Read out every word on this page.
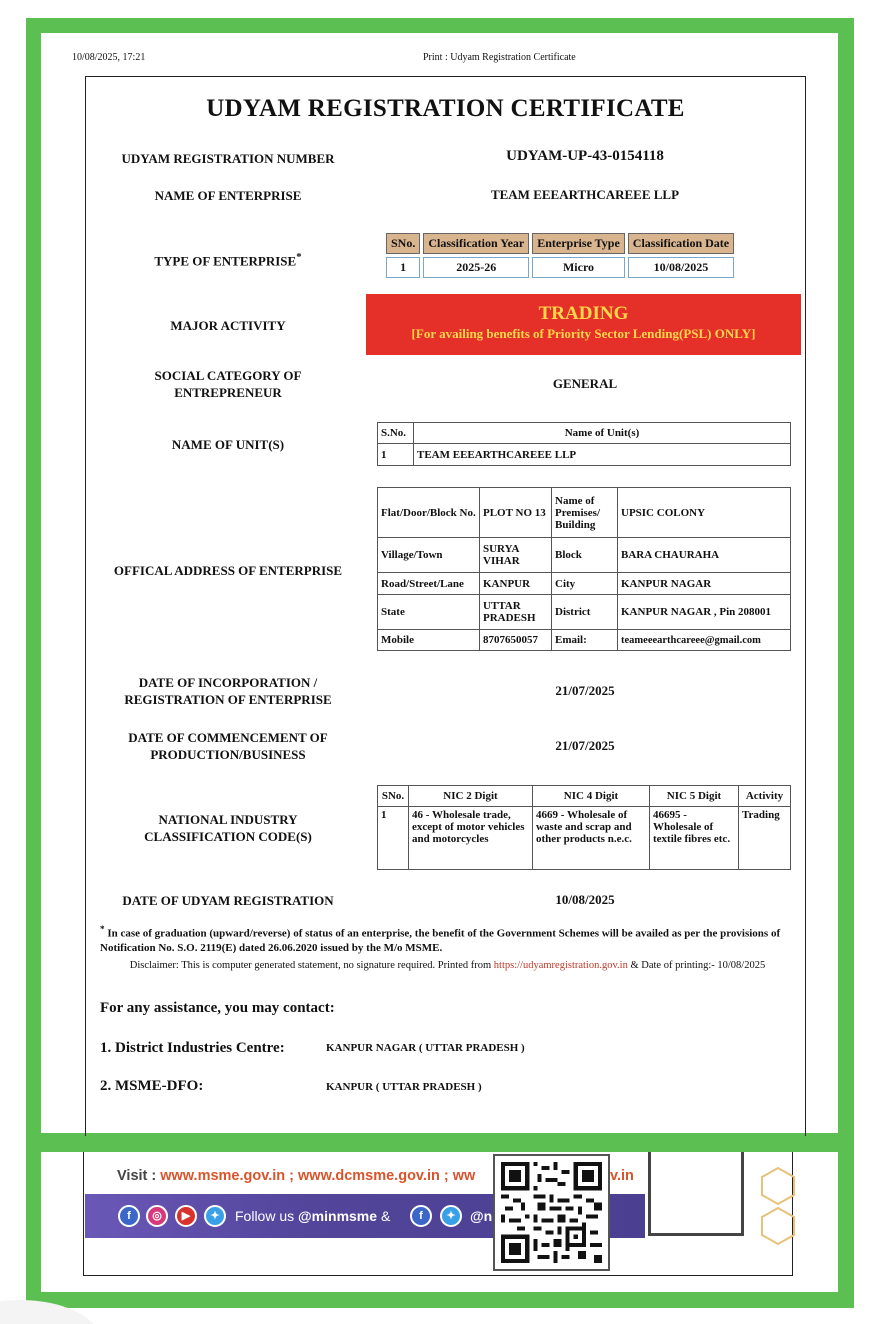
10/08/2025, 17:21	Print : Udyam Registration Certificate
UDYAM REGISTRATION CERTIFICATE
UDYAM REGISTRATION NUMBER	UDYAM-UP-43-0154118
NAME OF ENTERPRISE	TEAM EEEARTHCAREEE LLP
TYPE OF ENTERPRISE*
SNo.	Classification Year	Enterprise Type	Classification Date
1	2025-26	Micro	10/08/2025
MAJOR ACTIVITY
TRADING
[For availing benefits of Priority Sector Lending(PSL) ONLY]
SOCIAL CATEGORY OF ENTREPRENEUR
GENERAL
NAME OF UNIT(S)
S.No.	Name of Unit(s)
1	TEAM EEEARTHCAREEE LLP
OFFICAL ADDRESS OF ENTERPRISE
Flat/Door/Block No.	PLOT NO 13	Name of Premises/ Building	UPSIC COLONY
Village/Town	SURYA VIHAR	Block	BARA CHAURAHA
Road/Street/Lane	KANPUR	City	KANPUR NAGAR
State	UTTAR PRADESH	District	KANPUR NAGAR , Pin 208001
Mobile	8707650057	Email:	teameeearthcareee@gmail.com
DATE OF INCORPORATION / REGISTRATION OF ENTERPRISE
21/07/2025
DATE OF COMMENCEMENT OF PRODUCTION/BUSINESS
21/07/2025
NATIONAL INDUSTRY CLASSIFICATION CODE(S)
SNo.	NIC 2 Digit	NIC 4 Digit	NIC 5 Digit	Activity
1	46 - Wholesale trade, except of motor vehicles and motorcycles	4669 - Wholesale of waste and scrap and other products n.e.c.	46695 - Wholesale of textile fibres etc.	Trading
DATE OF UDYAM REGISTRATION	10/08/2025
* In case of graduation (upward/reverse) of status of an enterprise, the benefit of the Government Schemes will be availed as per the provisions of Notification No. S.O. 2119(E) dated 26.06.2020 issued by the M/o MSME.
Disclaimer: This is computer generated statement, no signature required. Printed from https://udyamregistration.gov.in & Date of printing:- 10/08/2025
For any assistance, you may contact:
1. District Industries Centre:	KANPUR NAGAR ( UTTAR PRADESH )
2. MSME-DFO:	KANPUR ( UTTAR PRADESH )
Visit : www.msme.gov.in ; www.dcmsme.gov.in ; ww	v.in
f	◎	▶	✦	Follow us @minmsme &	f	✦	@n
